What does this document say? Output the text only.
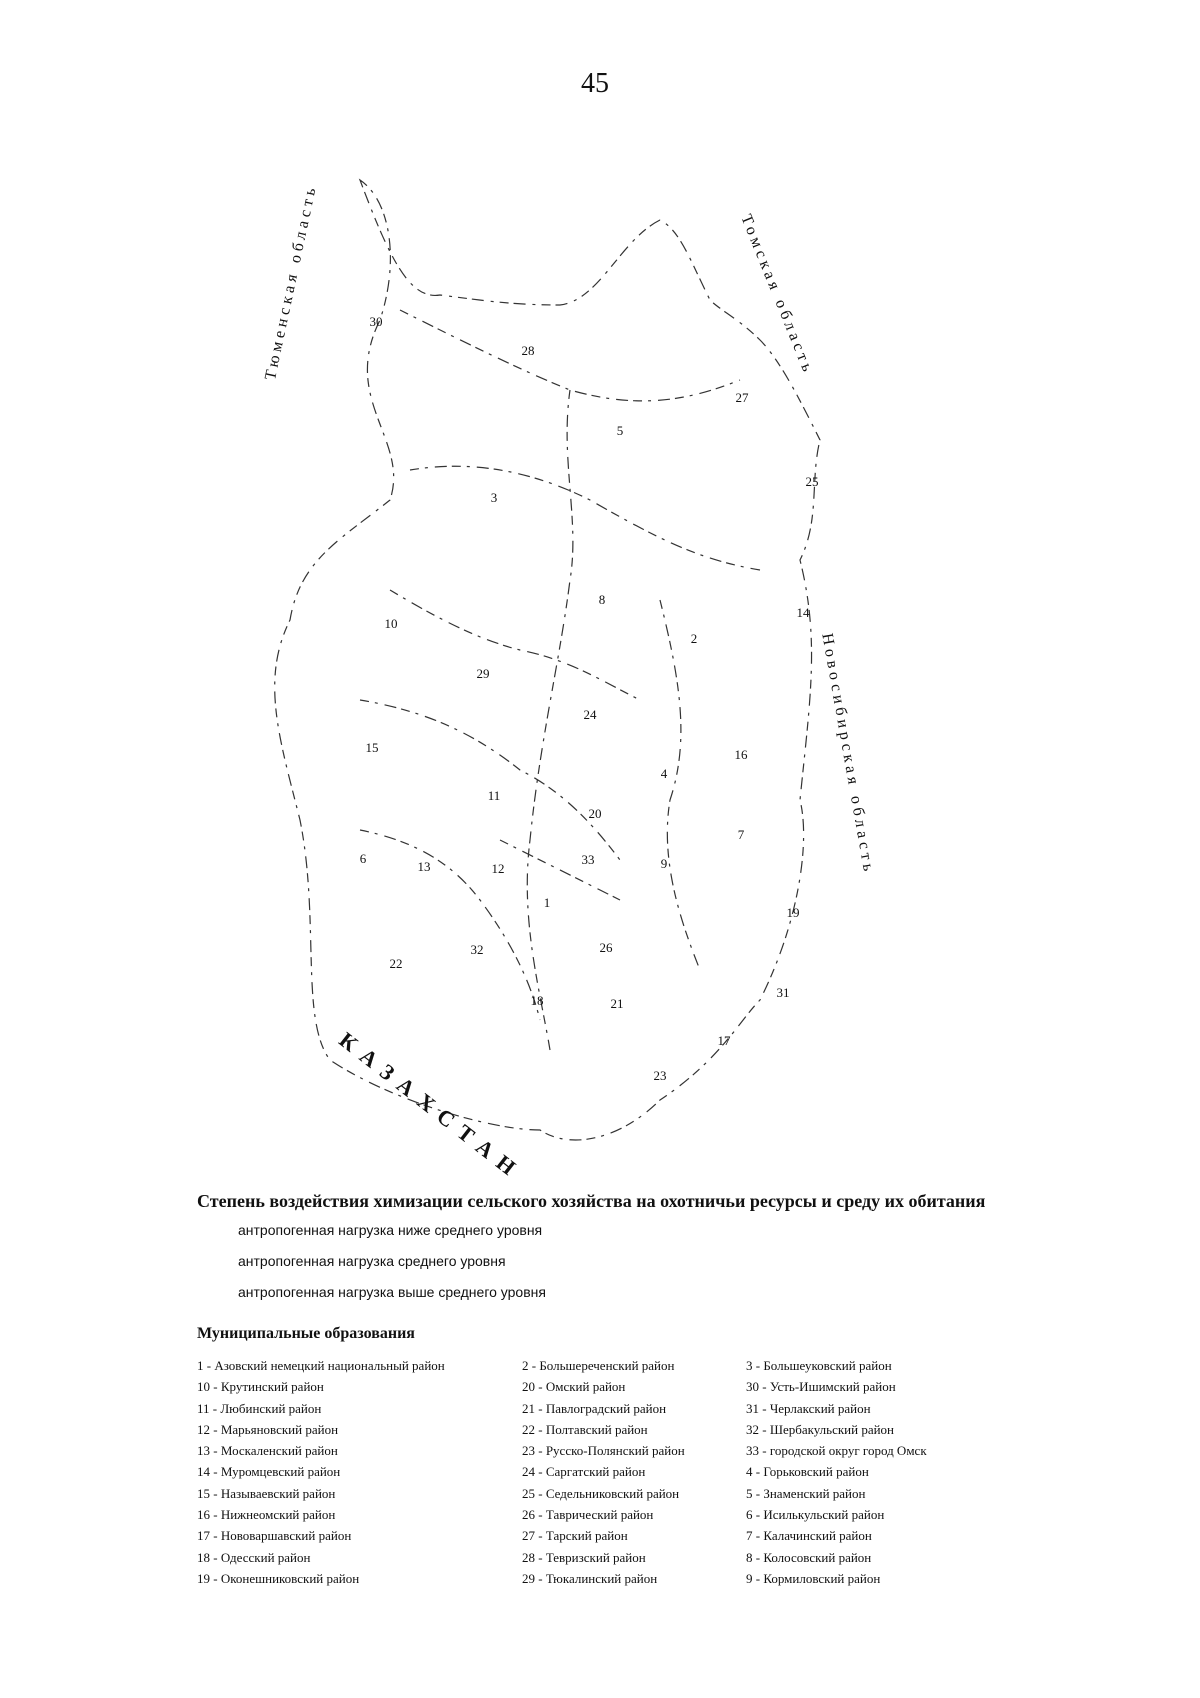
45
Тюменская область	Томская область
Новосибирская область
КАЗАХСТАН
30
28
27
5
25
3
8
14
2
10
29
24
15	16
4
11
20
7
6
13	12
33	9
1
19
22
32	26
18	21
31
17
23
Степень воздействия химизации сельского хозяйства на охотничьи ресурсы и среду их обитания
антропогенная нагрузка ниже среднего уровня
антропогенная нагрузка среднего уровня
антропогенная нагрузка выше среднего уровня
Муниципальные образования
1 - Азовский немецкий национальный район
10 - Крутинский район
11 - Любинский район
12 - Марьяновский район
13 - Москаленский район
14 - Муромцевский район
15 - Называевский район
16 - Нижнеомский район
17 - Нововаршавский район
18 - Одесский район
19 - Оконешниковский район
2 - Большереченский район
20 - Омский район
21 - Павлоградский район
22 - Полтавский район
23 - Русско-Полянский район
24 - Саргатский район
25 - Седельниковский район
26 - Таврический район
27 - Тарский район
28 - Тевризский район
29 - Тюкалинский район
3 - Большеуковский район
30 - Усть-Ишимский район
31 - Черлакский район
32 - Шербакульский район
33 - городской округ город Омск
4 - Горьковский район
5 - Знаменский район
6 - Исилькульский район
7 - Калачинский район
8 - Колосовский район
9 - Кормиловский район
